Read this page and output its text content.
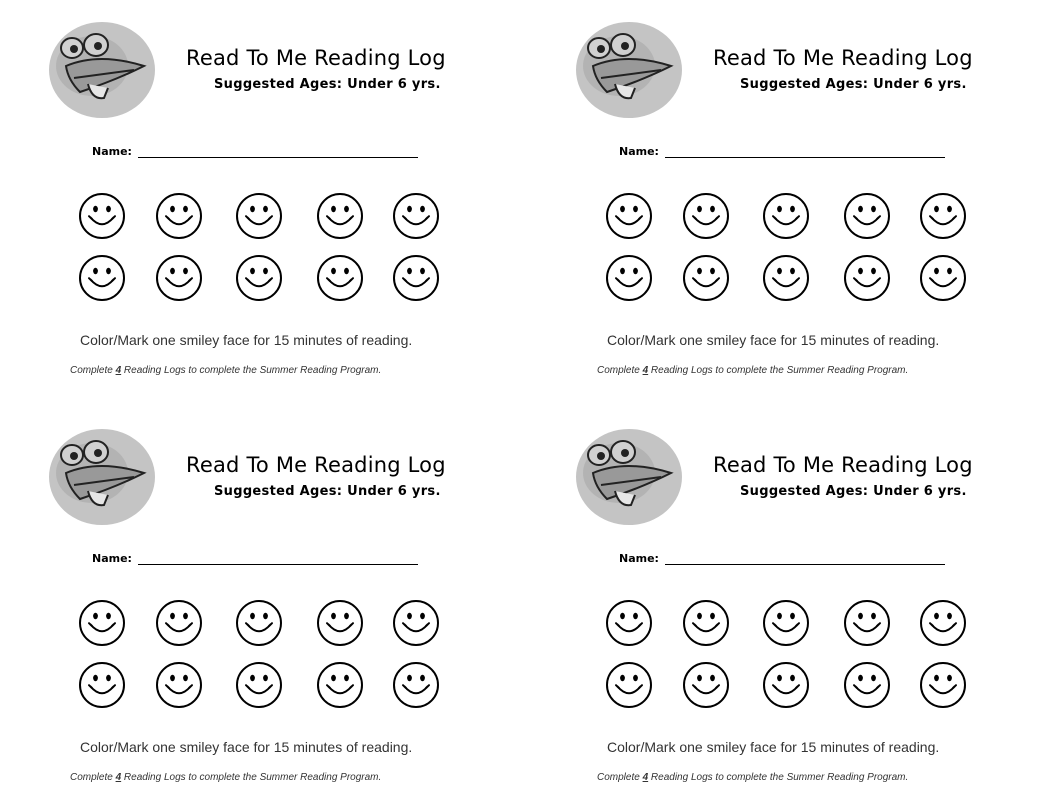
Read To Me Reading Log
Suggested Ages: Under 6 yrs.
Name:
Color/Mark one smiley face for 15 minutes of reading.
Complete 4 Reading Logs to complete the Summer Reading Program.
Read To Me Reading Log
Suggested Ages: Under 6 yrs.
Name:
Color/Mark one smiley face for 15 minutes of reading.
Complete 4 Reading Logs to complete the Summer Reading Program.
Read To Me Reading Log
Suggested Ages: Under 6 yrs.
Name:
Color/Mark one smiley face for 15 minutes of reading.
Complete 4 Reading Logs to complete the Summer Reading Program.
Read To Me Reading Log
Suggested Ages: Under 6 yrs.
Name:
Color/Mark one smiley face for 15 minutes of reading.
Complete 4 Reading Logs to complete the Summer Reading Program.
